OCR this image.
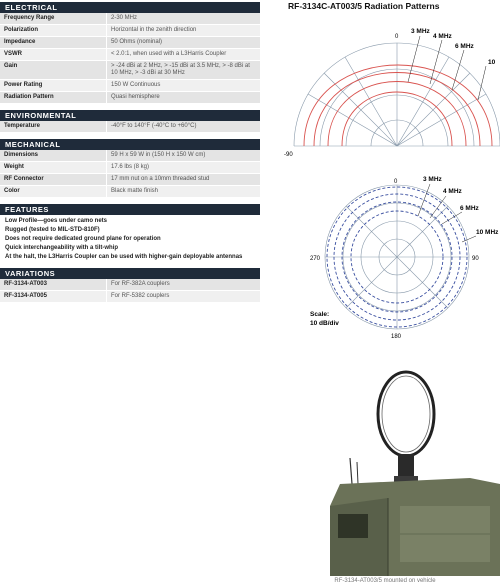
ELECTRICAL
Frequency Range	2-30 MHz
Polarization	Horizontal in the zenith direction
Impedance	50 Ohms (nominal)
VSWR	< 2.0:1, when used with a L3Harris Coupler
Gain	> -24 dBi at 2 MHz, > -15 dBi at 3.5 MHz, > -8 dBi at 10 MHz, > -3 dBi at 30 MHz
Power Rating	150 W Continuous
Radiation Pattern	Quasi hemisphere
ENVIRONMENTAL
Temperature	-40°F to 140°F (-40°C to +60°C)
MECHANICAL
Dimensions	59 H x 59 W in (150 H x 150 W cm)
Weight	17.6 lbs (8 kg)
RF Connector	17 mm nut on a 10mm threaded stud
Color	Black matte finish
FEATURES
Low Profile—goes under camo nets
Rugged (tested to MIL-STD-810F)
Does not require dedicated ground plane for operation
Quick interchangeability with a tilt-whip
At the halt, the L3Harris Coupler can be used with higher-gain deployable antennas
VARIATIONS
RF-3134-AT003	For RF-382A couplers
RF-3134-AT005	For RF-5382 couplers
RF-3134C-AT003/5 Radiation Patterns
0
-90
3 MHz
4 MHz
6 MHz
10
0
270	90
180
3 MHz
4 MHz
6 MHz
10 MHz
Scale:
10 dB/div
RF-3134-AT003/5 mounted on vehicle
